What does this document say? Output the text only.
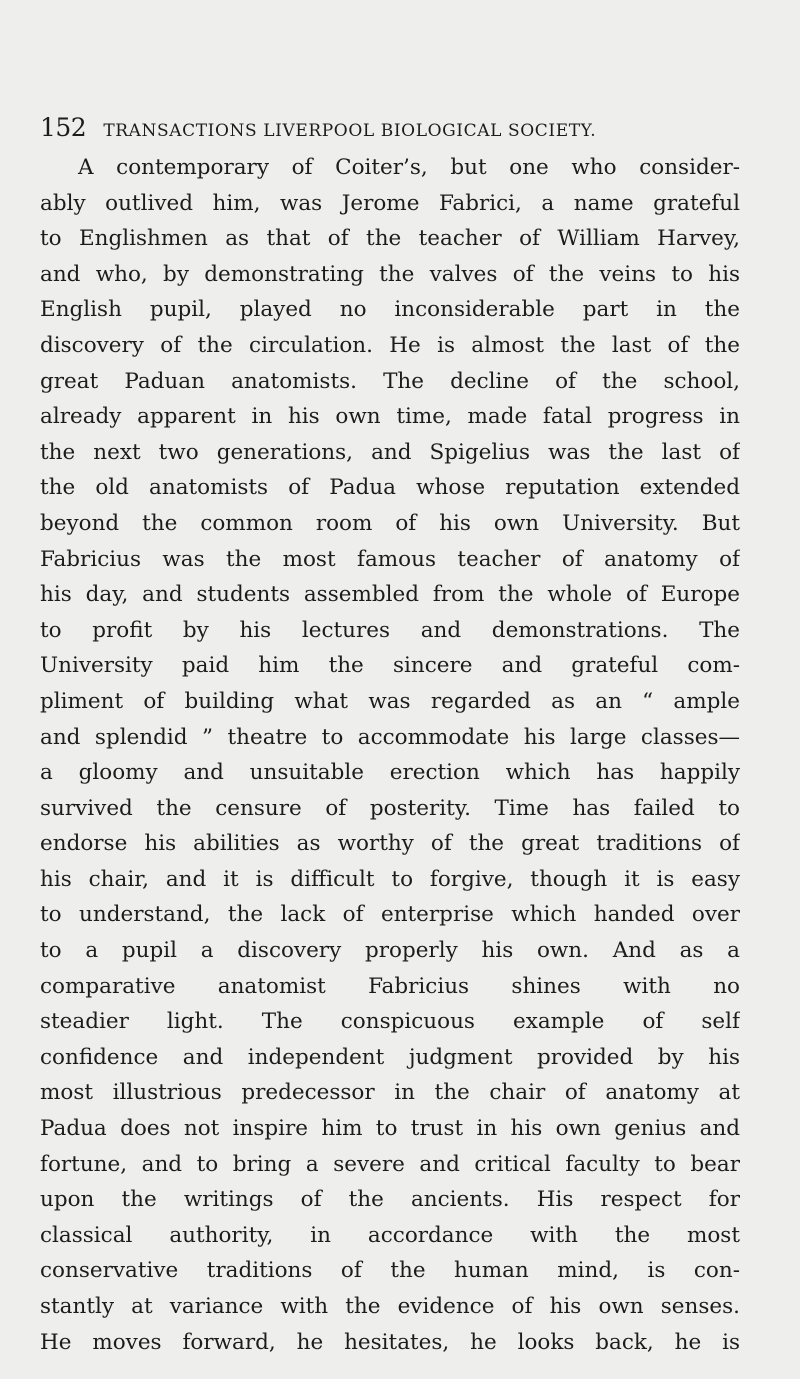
152 TRANSACTIONS LIVERPOOL BIOLOGICAL SOCIETY.
A contemporary of Coiter’s, but one who consider-
ably outlived him, was Jerome Fabrici, a name grateful
to Englishmen as that of the teacher of William Harvey,
and who, by demonstrating the valves of the veins to his
English pupil, played no inconsiderable part in the
discovery of the circulation. He is almost the last of the
great Paduan anatomists. The decline of the school,
already apparent in his own time, made fatal progress in
the next two generations, and Spigelius was the last of
the old anatomists of Padua whose reputation extended
beyond the common room of his own University. But
Fabricius was the most famous teacher of anatomy of
his day, and students assembled from the whole of Europe
to profit by his lectures and demonstrations. The
University paid him the sincere and grateful com-
pliment of building what was regarded as an “ ample
and splendid ” theatre to accommodate his large classes—
a gloomy and unsuitable erection which has happily
survived the censure of posterity. Time has failed to
endorse his abilities as worthy of the great traditions of
his chair, and it is difficult to forgive, though it is easy
to understand, the lack of enterprise which handed over
to a pupil a discovery properly his own. And as a
comparative anatomist Fabricius shines with no
steadier light. The conspicuous example of self
confidence and independent judgment provided by his
most illustrious predecessor in the chair of anatomy at
Padua does not inspire him to trust in his own genius and
fortune, and to bring a severe and critical faculty to bear
upon the writings of the ancients. His respect for
classical authority, in accordance with the most
conservative traditions of the human mind, is con-
stantly at variance with the evidence of his own senses.
He moves forward, he hesitates, he looks back, he is
